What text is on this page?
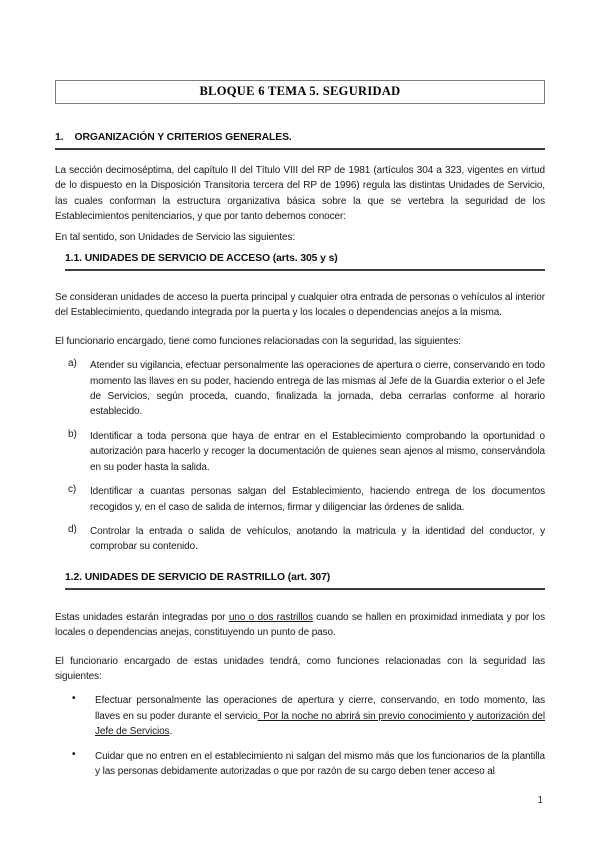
BLOQUE 6 TEMA 5. SEGURIDAD
1. ORGANIZACIÓN Y CRITERIOS GENERALES.

La sección decimoséptima, del capítulo II del Título VIII del RP de 1981 (artículos 304 a 323, vigentes en virtud de lo dispuesto en la Disposición Transitoria tercera del RP de 1996) regula las distintas Unidades de Servicio, las cuales conforman la estructura organizativa básica sobre la que se vertebra la seguridad de los Establecimientos penitenciarios, y que por tanto debemos conocer:

En tal sentido, son Unidades de Servicio las siguientes:

1.1. UNIDADES DE SERVICIO DE ACCESO (arts. 305 y s)

Se consideran unidades de acceso la puerta principal y cualquier otra entrada de personas o vehículos al interior del Establecimiento, quedando integrada por la puerta y los locales o dependencias anejos a la misma.

El funcionario encargado, tiene como funciones relacionadas con la seguridad, las siguientes:

a)	Atender su vigilancia, efectuar personalmente las operaciones de apertura o cierre, conservando en todo momento las llaves en su poder, haciendo entrega de las mismas al Jefe de la Guardia exterior o el Jefe de Servicios, según proceda, cuando, finalizada la jornada, deba cerrarlas conforme al horario establecido.

b)	Identificar a toda persona que haya de entrar en el Establecimiento comprobando la oportunidad o autorización para hacerlo y recoger la documentación de quienes sean ajenos al mismo, conservándola en su poder hasta la salida.

c)	Identificar a cuantas personas salgan del Establecimiento, haciendo entrega de los documentos recogidos y, en el caso de salida de internos, firmar y diligenciar las órdenes de salida.

d)	Controlar la entrada o salida de vehículos, anotando la matricula y la identidad del conductor, y comprobar su contenido.

1.2. UNIDADES DE SERVICIO DE RASTRILLO (art. 307)

Estas unidades estarán integradas por uno o dos rastrillos cuando se hallen en proximidad inmediata y por los locales o dependencias anejas, constituyendo un punto de paso.

El funcionario encargado de estas unidades tendrá, como funciones relacionadas con la seguridad las siguientes:

•	Efectuar personalmente las operaciones de apertura y cierre, conservando, en todo momento, las llaves en su poder durante el servicio. Por la noche no abrirá sin previo conocimiento y autorización del Jefe de Servicios.

•	Cuidar que no entren en el establecimiento ni salgan del mismo más que los funcionarios de la plantilla y las personas debidamente autorizadas o que por razón de su cargo deben tener acceso al

1
